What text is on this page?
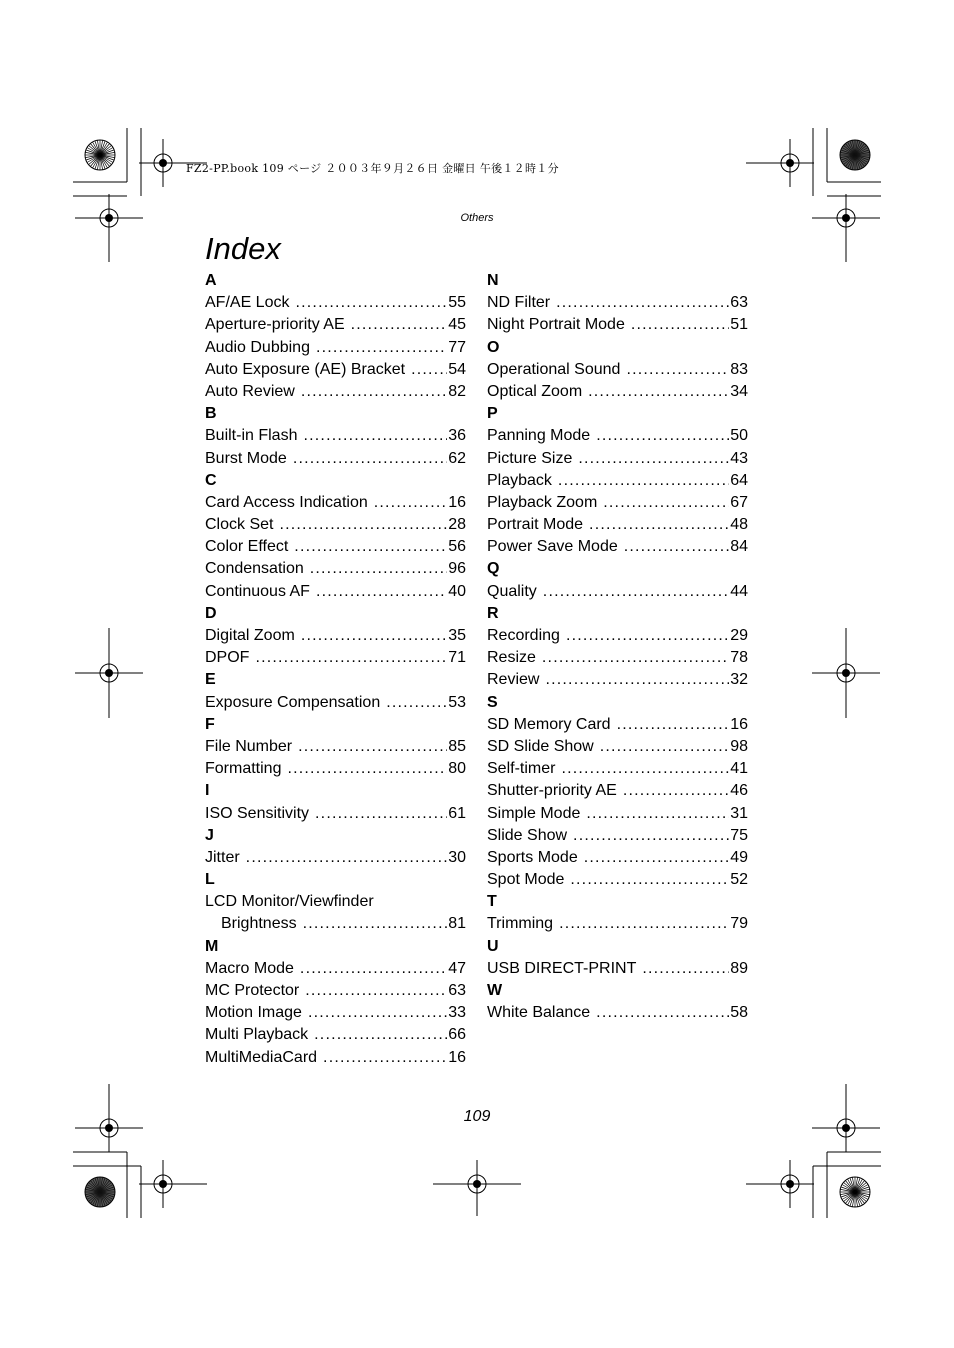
FZ2-PP.book 109 ページ ２００３年９月２６日 金曜日 午後１２時１分
Others
Index
A
AF/AE Lock .....	55
Aperture-priority AE .....	45
Audio Dubbing .....	77
Auto Exposure (AE) Bracket .....	54
Auto Review .....	82
B
Built-in Flash .....	36
Burst Mode .....	62
C
Card Access Indication .....	16
Clock Set .....	28
Color Effect .....	56
Condensation .....	96
Continuous AF .....	40
D
Digital Zoom .....	35
DPOF .....	71
E
Exposure Compensation .....	53
F
File Number .....	85
Formatting .....	80
I
ISO Sensitivity .....	61
J
Jitter .....	30
L
LCD Monitor/Viewfinder
Brightness .....	81
M
Macro Mode .....	47
MC Protector .....	63
Motion Image .....	33
Multi Playback .....	66
MultiMediaCard .....	16
N
ND Filter .....	63
Night Portrait Mode .....	51
O
Operational Sound .....	83
Optical Zoom .....	34
P
Panning Mode .....	50
Picture Size .....	43
Playback .....	64
Playback Zoom .....	67
Portrait Mode .....	48
Power Save Mode .....	84
Q
Quality .....	44
R
Recording .....	29
Resize .....	78
Review .....	32
S
SD Memory Card .....	16
SD Slide Show .....	98
Self-timer .....	41
Shutter-priority AE .....	46
Simple Mode .....	31
Slide Show .....	75
Sports Mode .....	49
Spot Mode .....	52
T
Trimming .....	79
U
USB DIRECT-PRINT .....	89
W
White Balance .....	58
109
